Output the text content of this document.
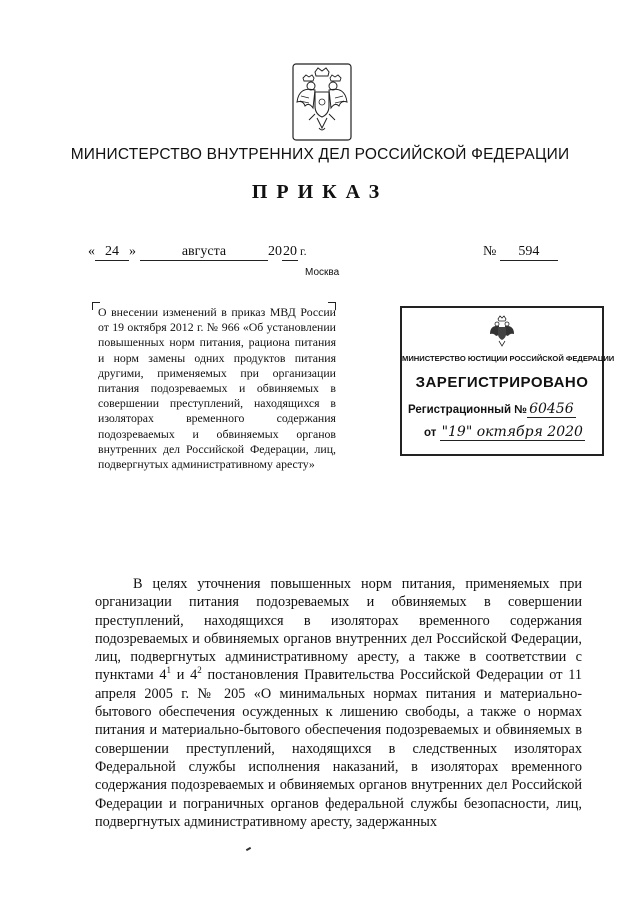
МИНИСТЕРСТВО ВНУТРЕННИХ ДЕЛ РОССИЙСКОЙ ФЕДЕРАЦИИ
ПРИКАЗ
« 24 »	августа	2020 г.
Москва
№ 594
О внесении изменений в приказ МВД России от 19 октября 2012 г. № 966 «Об установлении повышенных норм питания, рациона питания и норм замены одних продуктов питания другими, применяемых при организации питания подозреваемых и обвиняемых в совершении преступлений, находящихся в изоляторах временного содержания подозреваемых и обвиняемых органов внутренних дел Российской Федерации, лиц, подвергнутых административному аресту»
МИНИСТЕРСТВО ЮСТИЦИИ РОССИЙСКОЙ ФЕДЕРАЦИИ
ЗАРЕГИСТРИРОВАНО
Регистрационный № 60456
от "19" октября 2020

В целях уточнения повышенных норм питания, применяемых при организации питания подозреваемых и обвиняемых в совершении преступлений, находящихся в изоляторах временного содержания подозреваемых и обвиняемых органов внутренних дел Российской Федерации, лиц, подвергнутых административному аресту, а также в соответствии с пунктами $4^1$ и $4^2$ постановления Правительства Российской Федерации от 11 апреля 2005 г. № 205 «О минимальных нормах питания и материально-бытового обеспечения осужденных к лишению свободы, а также о нормах питания и материально-бытового обеспечения подозреваемых и обвиняемых в совершении преступлений, находящихся в следственных изоляторах Федеральной службы исполнения наказаний, в изоляторах временного содержания подозреваемых и обвиняемых органов внутренних дел Российской Федерации и пограничных органов федеральной службы безопасности, лиц, подвергнутых административному аресту, задержанных
